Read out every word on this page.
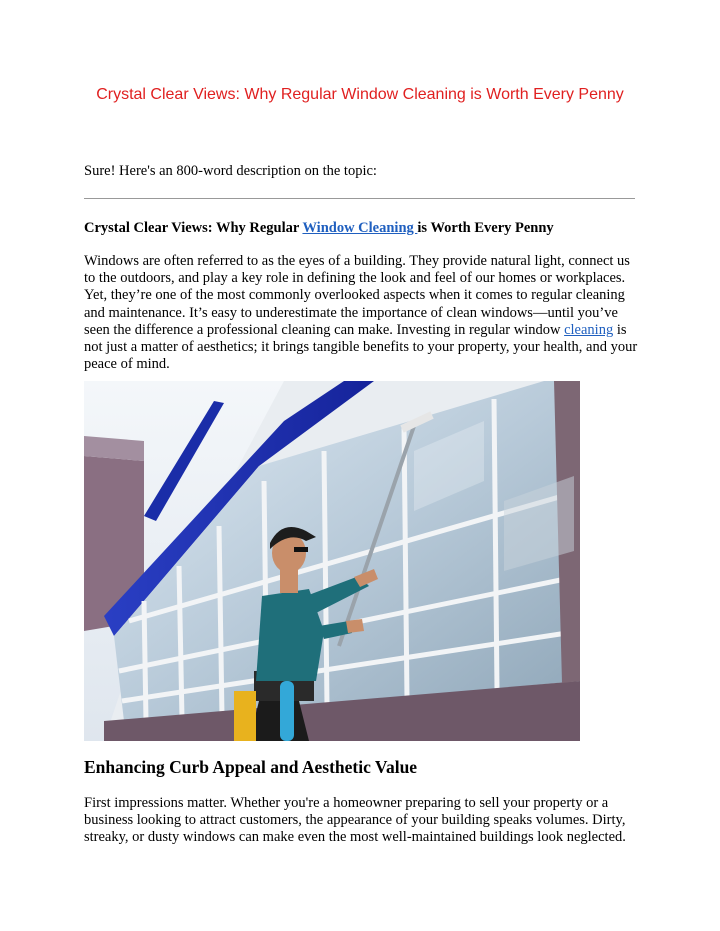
Crystal Clear Views: Why Regular Window Cleaning is Worth Every Penny

Sure! Here's an 800-word description on the topic:

Crystal Clear Views: Why Regular Window Cleaning is Worth Every Penny

Windows are often referred to as the eyes of a building. They provide natural light, connect us to the outdoors, and play a key role in defining the look and feel of our homes or workplaces. Yet, they’re one of the most commonly overlooked aspects when it comes to regular cleaning and maintenance. It’s easy to underestimate the importance of clean windows—until you’ve seen the difference a professional cleaning can make. Investing in regular window cleaning is not just a matter of aesthetics; it brings tangible benefits to your property, your health, and your peace of mind.

Enhancing Curb Appeal and Aesthetic Value

First impressions matter. Whether you're a homeowner preparing to sell your property or a business looking to attract customers, the appearance of your building speaks volumes. Dirty, streaky, or dusty windows can make even the most well-maintained buildings look neglected.
